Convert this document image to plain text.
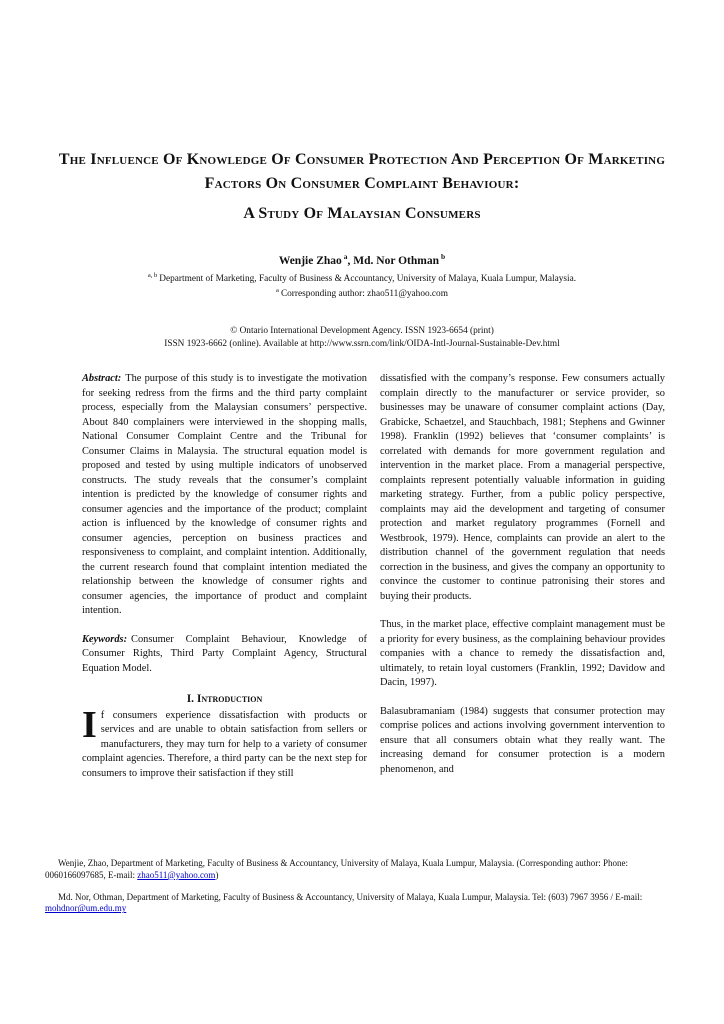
The Influence Of Knowledge Of Consumer Protection And Perception Of Marketing Factors On Consumer Complaint Behaviour:
A Study Of Malaysian Consumers

Wenjie Zhao $^a$, Md. Nor Othman $^b$

$^{a, b}$ Department of Marketing, Faculty of Business & Accountancy, University of Malaya, Kuala Lumpur, Malaysia.
$^a$ Corresponding author: zhao511@yahoo.com
© Ontario International Development Agency. ISSN 1923-6654 (print)
ISSN 1923-6662 (online). Available at http://www.ssrn.com/link/OIDA-Intl-Journal-Sustainable-Dev.html

Abstract: The purpose of this study is to investigate the motivation for seeking redress from the firms and the third party complaint process, especially from the Malaysian consumers’ perspective. About 840 complainers were interviewed in the shopping malls, National Consumer Complaint Centre and the Tribunal for Consumer Claims in Malaysia. The structural equation model is proposed and tested by using multiple indicators of unobserved constructs. The study reveals that the consumer’s complaint intention is predicted by the knowledge of consumer rights and consumer agencies and the importance of the product; complaint action is influenced by the knowledge of consumer rights and consumer agencies, perception on business practices and responsiveness to complaint, and complaint intention. Additionally, the current research found that complaint intention mediated the relationship between the knowledge of consumer rights and consumer agencies, the importance of product and complaint intention.

Keywords: Consumer Complaint Behaviour, Knowledge of Consumer Rights, Third Party Complaint Agency, Structural Equation Model.

I. Introduction

If consumers experience dissatisfaction with products or services and are unable to obtain satisfaction from sellers or manufacturers, they may turn for help to a variety of consumer complaint agencies. Therefore, a third party can be the next step for consumers to improve their satisfaction if they still

dissatisfied with the company’s response. Few consumers actually complain directly to the manufacturer or service provider, so businesses may be unaware of consumer complaint actions (Day, Grabicke, Schaetzel, and Stauchbach, 1981; Stephens and Gwinner 1998). Franklin (1992) believes that ‘consumer complaints’ is correlated with demands for more government regulation and intervention in the market place. From a managerial perspective, complaints represent potentially valuable information in guiding marketing strategy. Further, from a public policy perspective, complaints may aid the development and targeting of consumer protection and market regulatory programmes (Fornell and Westbrook, 1979). Hence, complaints can provide an alert to the distribution channel of the government regulation that needs correction in the business, and gives the company an opportunity to convince the customer to continue patronising their stores and buying their products.

Thus, in the market place, effective complaint management must be a priority for every business, as the complaining behaviour provides companies with a chance to remedy the dissatisfaction and, ultimately, to retain loyal customers (Franklin, 1992; Davidow and Dacin, 1997).

Balasubramaniam (1984) suggests that consumer protection may comprise polices and actions involving government intervention to ensure that all consumers obtain what they really want. The increasing demand for consumer protection is a modern phenomenon, and

Wenjie, Zhao, Department of Marketing, Faculty of Business & Accountancy, University of Malaya, Kuala Lumpur, Malaysia. (Corresponding author: Phone: 0060166097685, E-mail: zhao511@yahoo.com)

Md. Nor, Othman, Department of Marketing, Faculty of Business & Accountancy, University of Malaya, Kuala Lumpur, Malaysia. Tel: (603) 7967 3956 / E-mail: mohdnor@um.edu.my
